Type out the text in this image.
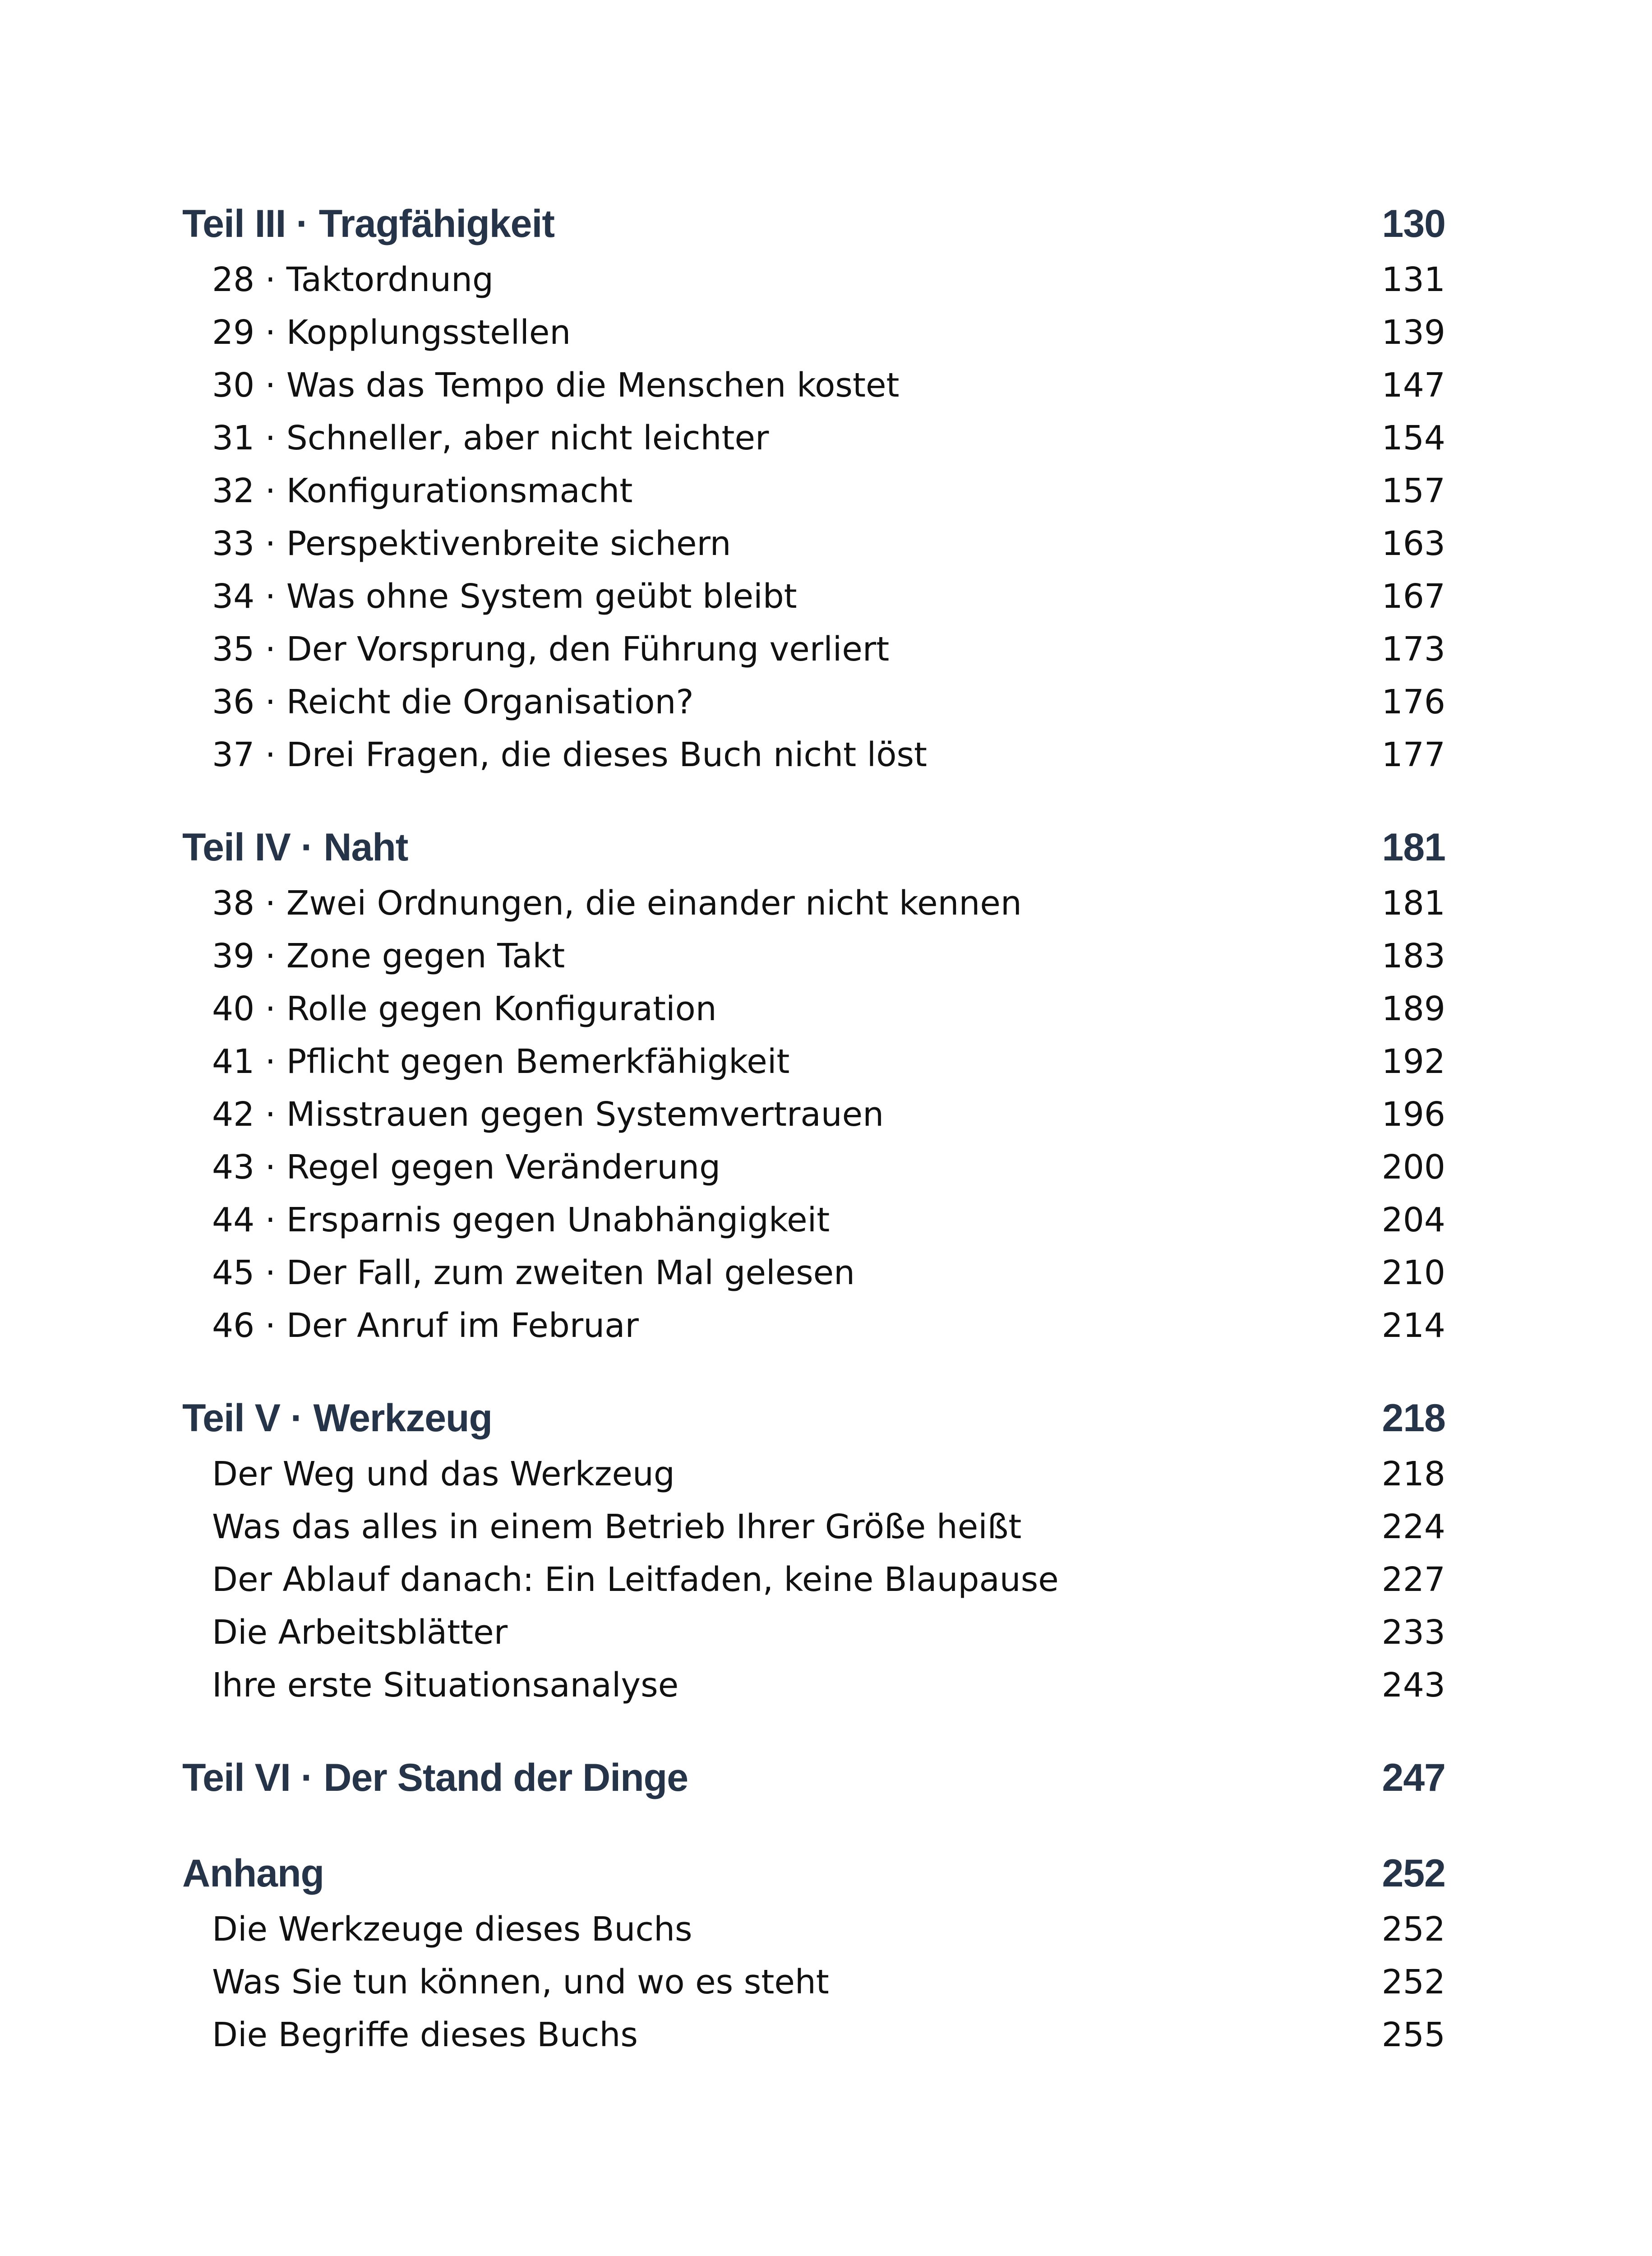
Teil III · Tragfähigkeit	130
28 · Taktordnung	131
29 · Kopplungsstellen	139
30 · Was das Tempo die Menschen kostet	147
31 · Schneller, aber nicht leichter	154
32 · Konfigurationsmacht	157
33 · Perspektivenbreite sichern	163
34 · Was ohne System geübt bleibt	167
35 · Der Vorsprung, den Führung verliert	173
36 · Reicht die Organisation?	176
37 · Drei Fragen, die dieses Buch nicht löst	177
Teil IV · Naht	181
38 · Zwei Ordnungen, die einander nicht kennen	181
39 · Zone gegen Takt	183
40 · Rolle gegen Konfiguration	189
41 · Pflicht gegen Bemerkfähigkeit	192
42 · Misstrauen gegen Systemvertrauen	196
43 · Regel gegen Veränderung	200
44 · Ersparnis gegen Unabhängigkeit	204
45 · Der Fall, zum zweiten Mal gelesen	210
46 · Der Anruf im Februar	214
Teil V · Werkzeug	218
Der Weg und das Werkzeug	218
Was das alles in einem Betrieb Ihrer Größe heißt	224
Der Ablauf danach: Ein Leitfaden, keine Blaupause	227
Die Arbeitsblätter	233
Ihre erste Situationsanalyse	243
Teil VI · Der Stand der Dinge	247
Anhang	252
Die Werkzeuge dieses Buchs	252
Was Sie tun können, und wo es steht	252
Die Begriffe dieses Buchs	255
